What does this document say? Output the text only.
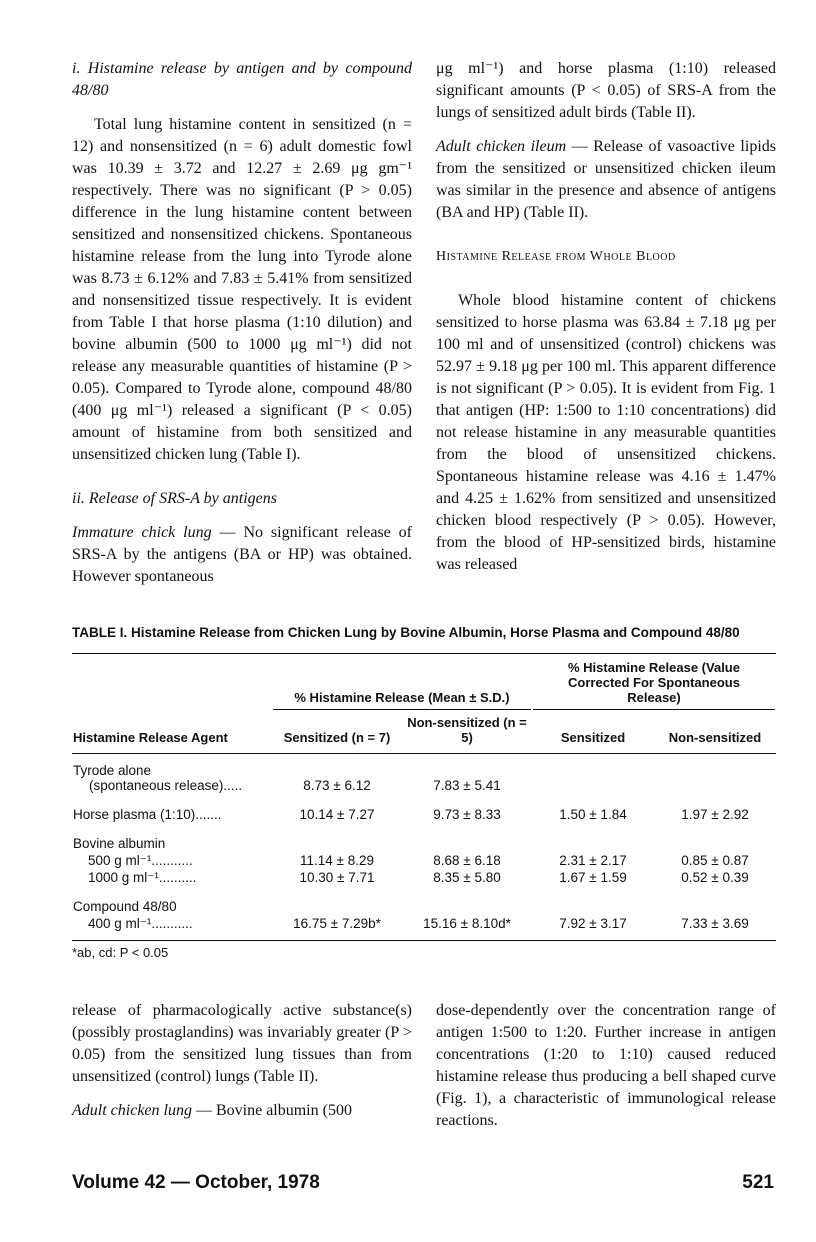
i. Histamine release by antigen and by compound 48/80

Total lung histamine content in sensitized (n = 12) and nonsensitized (n = 6) adult domestic fowl was 10.39 ± 3.72 and 12.27 ± 2.69 μg gm⁻¹ respectively. There was no significant (P > 0.05) difference in the lung histamine content between sensitized and nonsensitized chickens. Spontaneous histamine release from the lung into Tyrode alone was 8.73 ± 6.12% and 7.83 ± 5.41% from sensitized and nonsensitized tissue respectively. It is evident from Table I that horse plasma (1:10 dilution) and bovine albumin (500 to 1000 μg ml⁻¹) did not release any measurable quantities of histamine (P > 0.05). Compared to Tyrode alone, compound 48/80 (400 μg ml⁻¹) released a significant (P < 0.05) amount of histamine from both sensitized and unsensitized chicken lung (Table I).

ii. Release of SRS-A by antigens

Immature chick lung — No significant release of SRS-A by the antigens (BA or HP) was obtained. However spontaneous

μg ml⁻¹) and horse plasma (1:10) released significant amounts (P < 0.05) of SRS-A from the lungs of sensitized adult birds (Table II).

Adult chicken ileum — Release of vasoactive lipids from the sensitized or unsensitized chicken ileum was similar in the presence and absence of antigens (BA and HP) (Table II).

Histamine Release from Whole Blood

Whole blood histamine content of chickens sensitized to horse plasma was 63.84 ± 7.18 μg per 100 ml and of unsensitized (control) chickens was 52.97 ± 9.18 μg per 100 ml. This apparent difference is not significant (P > 0.05). It is evident from Fig. 1 that antigen (HP: 1:500 to 1:10 concentrations) did not release histamine in any measurable quantities from the blood of unsensitized chickens. Spontaneous histamine release was 4.16 ± 1.47% and 4.25 ± 1.62% from sensitized and unsensitized chicken blood respectively (P > 0.05). However, from the blood of HP-sensitized birds, histamine was released

TABLE I. Histamine Release from Chicken Lung by Bovine Albumin, Horse Plasma and Compound 48/80

	% Histamine Release (Mean ± S.D.)		% Histamine Release (Value Corrected For Spontaneous Release)	

Histamine Release Agent	Sensitized (n = 7)	Non-sensitized (n = 5)	Sensitized	Non-sensitized

Tyrode alone
(spontaneous release).....	8.73 ± 6.12	7.83 ± 5.41		

Horse plasma (1:10).......	10.14 ± 7.27	9.73 ± 8.33	1.50 ± 1.84	1.97 ± 2.92

Bovine albumin				
500 g ml⁻¹...........	11.14 ± 8.29	8.68 ± 6.18	2.31 ± 2.17	0.85 ± 0.87
1000 g ml⁻¹..........	10.30 ± 7.71	8.35 ± 5.80	1.67 ± 1.59	0.52 ± 0.39

Compound 48/80				
400 g ml⁻¹...........	16.75 ± 7.29b*	15.16 ± 8.10d*	7.92 ± 3.17	7.33 ± 3.69
*ab, cd: P < 0.05

release of pharmacologically active substance(s) (possibly prostaglandins) was invariably greater (P > 0.05) from the sensitized lung tissues than from unsensitized (control) lungs (Table II).

Adult chicken lung — Bovine albumin (500

dose-dependently over the concentration range of antigen 1:500 to 1:20. Further increase in antigen concentrations (1:20 to 1:10) caused reduced histamine release thus producing a bell shaped curve (Fig. 1), a characteristic of immunological release reactions.

Volume 42 — October, 1978	521
